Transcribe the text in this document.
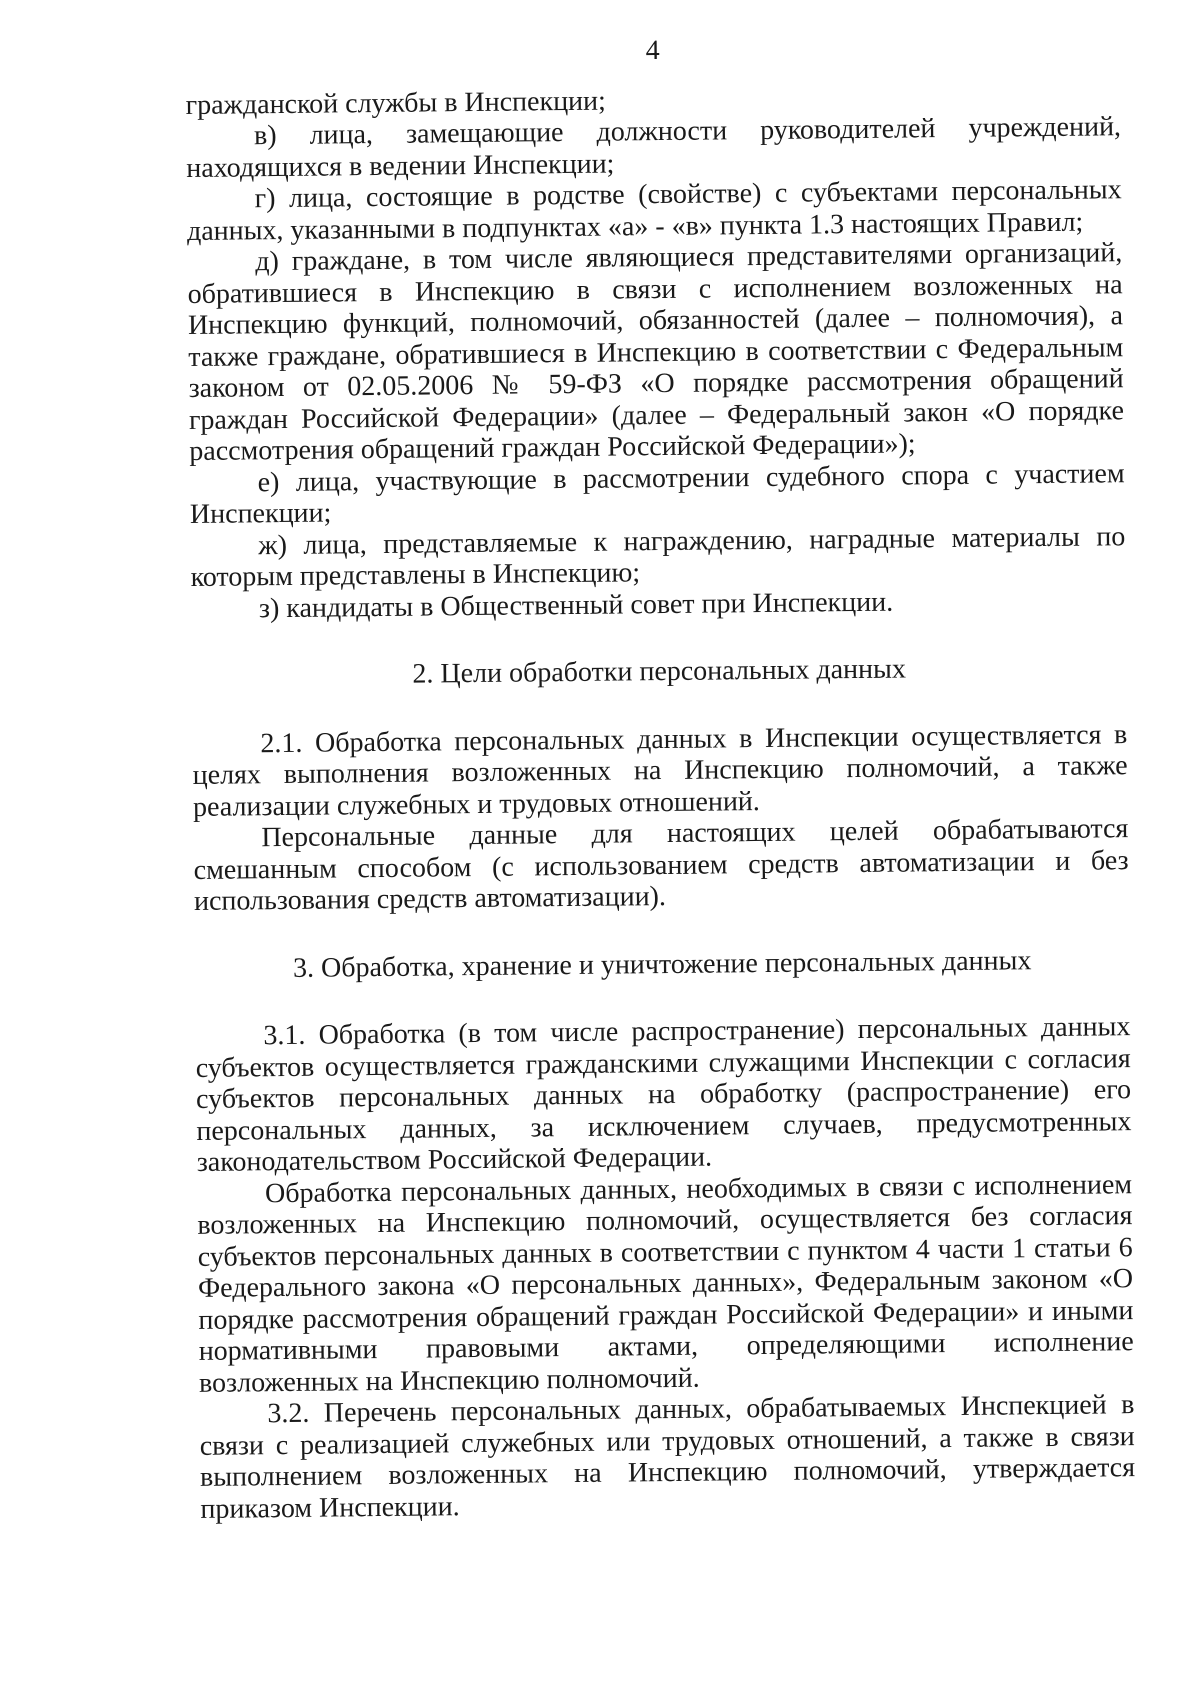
4

гражданской службы в Инспекции;

в) лица, замещающие должности руководителей учреждений, находящихся в ведении Инспекции;

г) лица, состоящие в родстве (свойстве) с субъектами персональных данных, указанными в подпунктах «а» - «в» пункта 1.3 настоящих Правил;

д) граждане, в том числе являющиеся представителями организаций, обратившиеся в Инспекцию в связи с исполнением возложенных на Инспекцию функций, полномочий, обязанностей (далее – полномочия), а также граждане, обратившиеся в Инспекцию в соответствии с Федеральным законом от 02.05.2006 № 59-ФЗ «О порядке рассмотрения обращений граждан Российской Федерации» (далее – Федеральный закон «О порядке рассмотрения обращений граждан Российской Федерации»);

е) лица, участвующие в рассмотрении судебного спора с участием Инспекции;

ж) лица, представляемые к награждению, наградные материалы по которым представлены в Инспекцию;

з) кандидаты в Общественный совет при Инспекции.

2. Цели обработки персональных данных

2.1. Обработка персональных данных в Инспекции осуществляется в целях выполнения возложенных на Инспекцию полномочий, а также реализации служебных и трудовых отношений.

Персональные данные для настоящих целей обрабатываются смешанным способом (с использованием средств автоматизации и без использования средств автоматизации).

3. Обработка, хранение и уничтожение персональных данных

3.1. Обработка (в том числе распространение) персональных данных субъектов осуществляется гражданскими служащими Инспекции с согласия субъектов персональных данных на обработку (распространение) его персональных данных, за исключением случаев, предусмотренных законодательством Российской Федерации.

Обработка персональных данных, необходимых в связи с исполнением возложенных на Инспекцию полномочий, осуществляется без согласия субъектов персональных данных в соответствии с пунктом 4 части 1 статьи 6 Федерального закона «О персональных данных», Федеральным законом «О порядке рассмотрения обращений граждан Российской Федерации» и иными нормативными правовыми актами, определяющими исполнение возложенных на Инспекцию полномочий.

3.2. Перечень персональных данных, обрабатываемых Инспекцией в связи с реализацией служебных или трудовых отношений, а также в связи выполнением возложенных на Инспекцию полномочий, утверждается приказом Инспекции.
